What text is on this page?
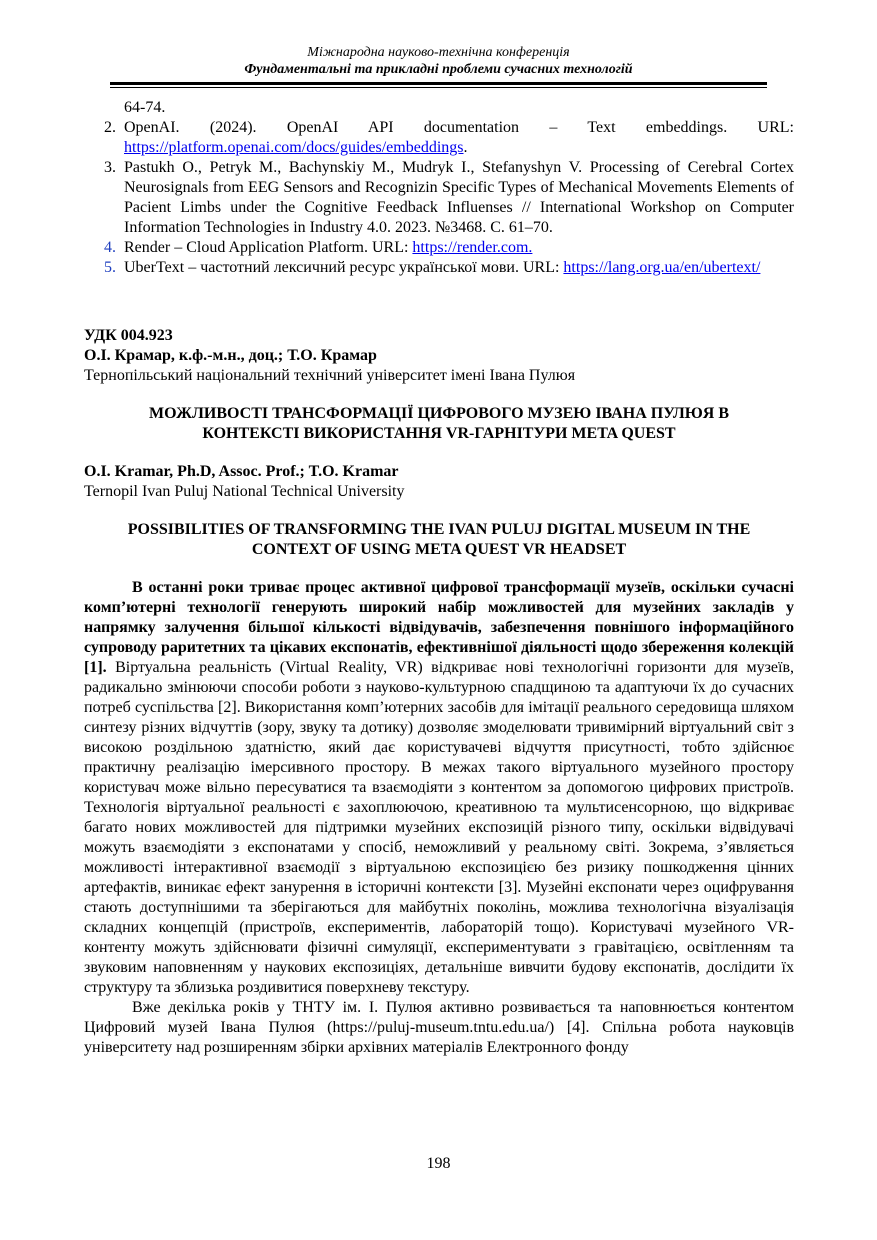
Міжнародна науково-технічна конференція
Фундаментальні та прикладні проблеми сучасних технологій
64-74.
2. OpenAI. (2024). OpenAI API documentation – Text embeddings. URL: https://platform.openai.com/docs/guides/embeddings.
3. Pastukh O., Petryk M., Bachynskiy M., Mudryk I., Stefanyshyn V. Processing of Cerebral Cortex Neurosignals from EEG Sensors and Recognizin Specific Types of Mechanical Movements Elements of Pacient Limbs under the Cognitive Feedback Influenses // International Workshop on Computer Information Technologies in Industry 4.0. 2023. №3468. С. 61–70.
4. Render – Cloud Application Platform. URL: https://render.com.
5. UberText – частотний лексичний ресурс української мови. URL: https://lang.org.ua/en/ubertext/
УДК 004.923
О.І. Крамар, к.ф.-м.н., доц.; Т.О. Крамар
Тернопільський національний технічний університет імені Івана Пулюя
МОЖЛИВОСТІ ТРАНСФОРМАЦІЇ ЦИФРОВОГО МУЗЕЮ ІВАНА ПУЛЮЯ В КОНТЕКСТІ ВИКОРИСТАННЯ VR-ГАРНІТУРИ META QUEST
O.I. Kramar, Ph.D, Assoc. Prof.; T.O. Kramar
Ternopil Ivan Puluj National Technical University
POSSIBILITIES OF TRANSFORMING THE IVAN PULUJ DIGITAL MUSEUM IN THE CONTEXT OF USING META QUEST VR HEADSET

В останні роки триває процес активної цифрової трансформації музеїв, оскільки сучасні комп’ютерні технології генерують широкий набір можливостей для музейних закладів у напрямку залучення більшої кількості відвідувачів, забезпечення повнішого інформаційного супроводу раритетних та цікавих експонатів, ефективнішої діяльності щодо збереження колекцій [1]. Віртуальна реальність (Virtual Reality, VR) відкриває нові технологічні горизонти для музеїв, радикально змінюючи способи роботи з науково-культурною спадщиною та адаптуючи їх до сучасних потреб суспільства [2]. Використання комп’ютерних засобів для імітації реального середовища шляхом синтезу різних відчуттів (зору, звуку та дотику) дозволяє змоделювати тривимірний віртуальний світ з високою роздільною здатністю, який дає користувачеві відчуття присутності, тобто здійснює практичну реалізацію імерсивного простору. В межах такого віртуального музейного простору користувач може вільно пересуватися та взаємодіяти з контентом за допомогою цифрових пристроїв. Технологія віртуальної реальності є захоплюючою, креативною та мультисенсорною, що відкриває багато нових можливостей для підтримки музейних експозицій різного типу, оскільки відвідувачі можуть взаємодіяти з експонатами у спосіб, неможливий у реальному світі. Зокрема, з’являється можливості інтерактивної взаємодії з віртуальною експозицією без ризику пошкодження цінних артефактів, виникає ефект занурення в історичні контексти [3]. Музейні експонати через оцифрування стають доступнішими та зберігаються для майбутніх поколінь, можлива технологічна візуалізація складних концепцій (пристроїв, експериментів, лабораторій тощо). Користувачі музейного VR-контенту можуть здійснювати фізичні симуляції, експериментувати з гравітацією, освітленням та звуковим наповненням у наукових експозиціях, детальніше вивчити будову експонатів, дослідити їх структуру та зблизька роздивитися поверхневу текстуру.

Вже декілька років у ТНТУ ім. І. Пулюя активно розвивається та наповнюється контентом Цифровий музей Івана Пулюя (https://puluj-museum.tntu.edu.ua/) [4]. Спільна робота науковців університету над розширенням збірки архівних матеріалів Електронного фонду

198
